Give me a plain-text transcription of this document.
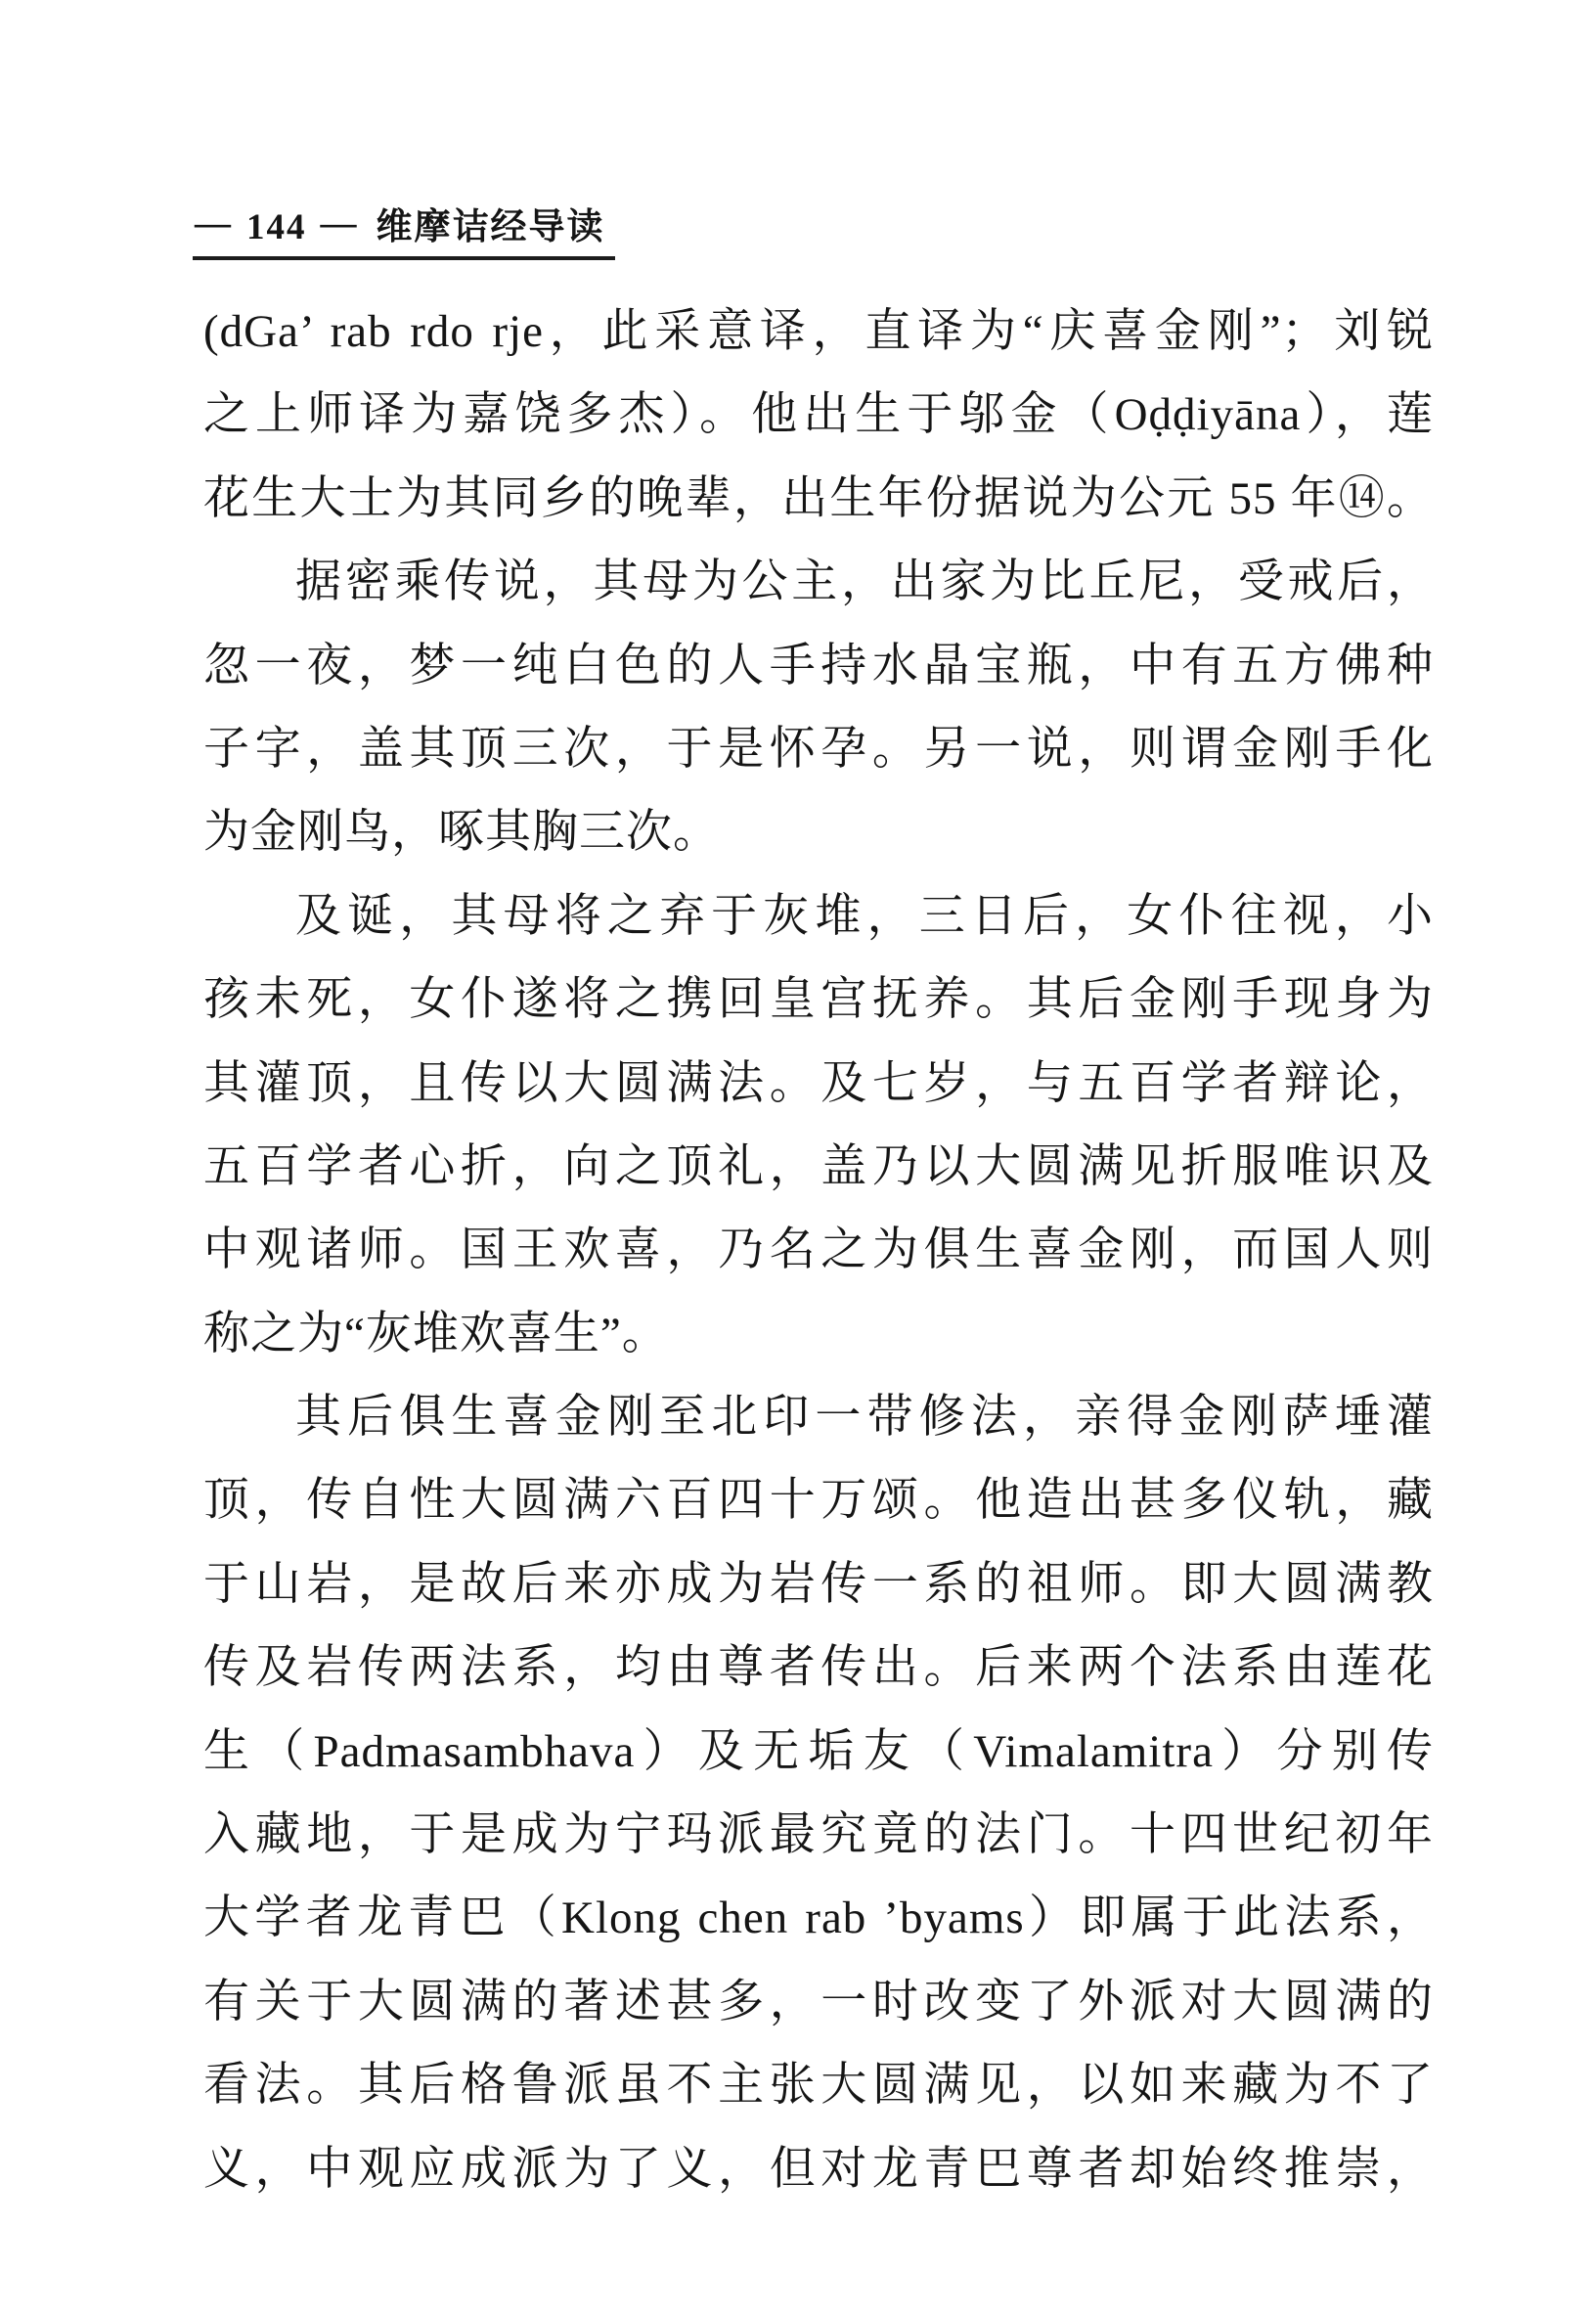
— 144 — 维摩诘经导读
(dGa’ rab rdo rje，此采意译，直译为“庆喜金刚”；刘锐
之上师译为嘉饶多杰）。他出生于邬金（Oḍḍiyāna），莲
花生大士为其同乡的晚辈，出生年份据说为公元 55 年⑭。
据密乘传说，其母为公主，出家为比丘尼，受戒后，
忽一夜，梦一纯白色的人手持水晶宝瓶，中有五方佛种
子字，盖其顶三次，于是怀孕。另一说，则谓金刚手化
为金刚鸟，啄其胸三次。
及诞，其母将之弃于灰堆，三日后，女仆往视，小
孩未死，女仆遂将之携回皇宫抚养。其后金刚手现身为
其灌顶，且传以大圆满法。及七岁，与五百学者辩论，
五百学者心折，向之顶礼，盖乃以大圆满见折服唯识及
中观诸师。国王欢喜，乃名之为俱生喜金刚，而国人则
称之为“灰堆欢喜生”。
其后俱生喜金刚至北印一带修法，亲得金刚萨埵灌
顶，传自性大圆满六百四十万颂。他造出甚多仪轨，藏
于山岩，是故后来亦成为岩传一系的祖师。即大圆满教
传及岩传两法系，均由尊者传出。后来两个法系由莲花
生（Padmasambhava）及无垢友（Vimalamitra）分别传
入藏地，于是成为宁玛派最究竟的法门。十四世纪初年
大学者龙青巴（Klong chen rab ’byams）即属于此法系，
有关于大圆满的著述甚多，一时改变了外派对大圆满的
看法。其后格鲁派虽不主张大圆满见，以如来藏为不了
义，中观应成派为了义，但对龙青巴尊者却始终推崇，
